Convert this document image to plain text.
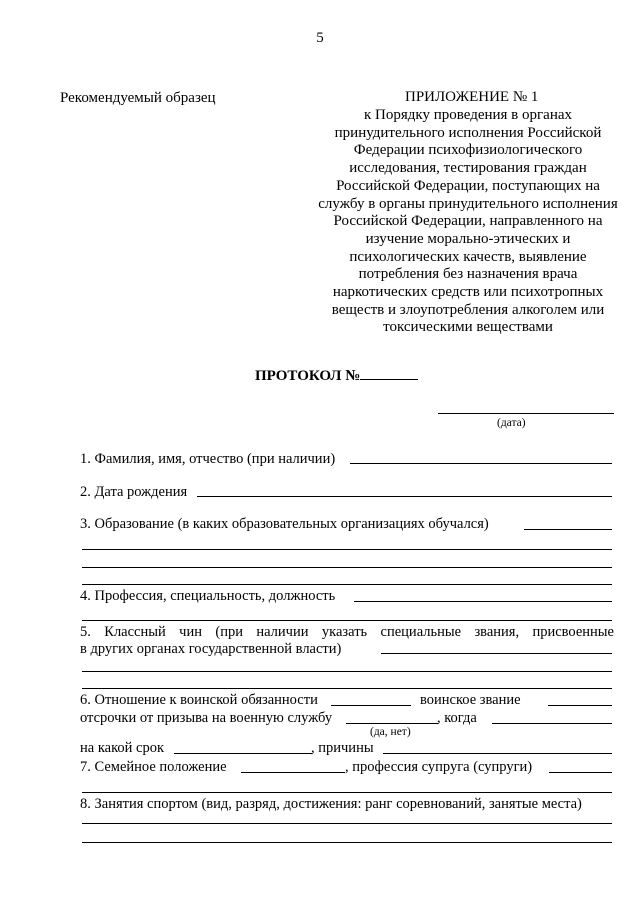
5
Рекомендуемый образец	ПРИЛОЖЕНИЕ № 1
к Порядку проведения в органах принудительного исполнения Российской Федерации психофизиологического исследования, тестирования граждан Российской Федерации, поступающих на службу в органы принудительного исполнения Российской Федерации, направленного на изучение морально-этических и психологических качеств, выявление потребления без назначения врача наркотических средств или психотропных веществ и злоупотребления алкоголем или токсическими веществами
ПРОТОКОЛ №
(дата)
1. Фамилия, имя, отчество (при наличии)
2. Дата рождения
3. Образование (в каких образовательных организациях обучался)
4. Профессия, специальность, должность
5. Классный чин (при наличии указать специальные звания, присвоенные
в других органах государственной власти)
6. Отношение к воинской обязанности	воинское звание
отсрочки от призыва на военную службу	, когда
(да, нет)
на какой срок	, причины
7. Семейное положение	, профессия супруга (супруги)
8. Занятия спортом (вид, разряд, достижения: ранг соревнований, занятые места)
